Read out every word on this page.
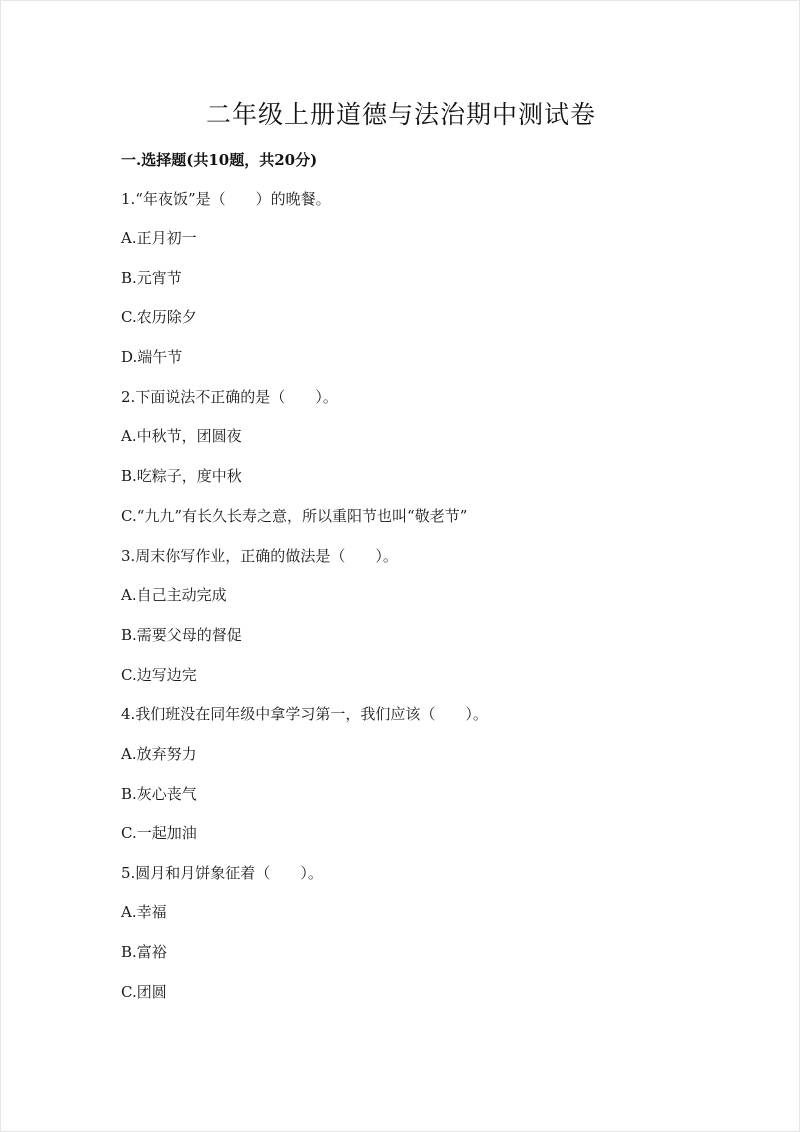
二年级上册道德与法治期中测试卷
一.选择题(共10题，共20分)
1.“年夜饭”是（　　）的晚餐。
A.正月初一
B.元宵节
C.农历除夕
D.端午节
2.下面说法不正确的是（　　）。
A.中秋节，团圆夜
B.吃粽子，度中秋
C.“九九”有长久长寿之意，所以重阳节也叫“敬老节”
3.周末你写作业，正确的做法是（　　）。
A.自己主动完成
B.需要父母的督促
C.边写边完
4.我们班没在同年级中拿学习第一，我们应该（　　）。
A.放弃努力
B.灰心丧气
C.一起加油
5.圆月和月饼象征着（　　）。
A.幸福
B.富裕
C.团圆
